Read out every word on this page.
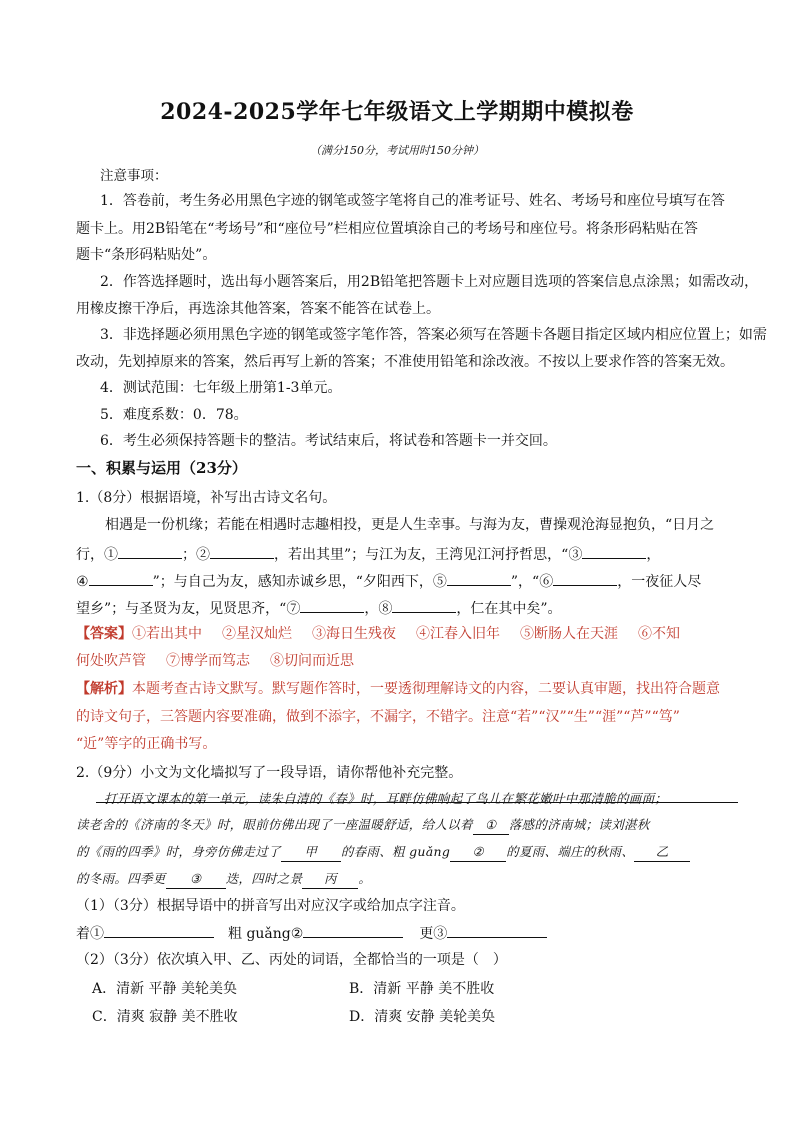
2024-2025学年七年级语文上学期期中模拟卷
（满分150分，考试用时150分钟）
注意事项：
1．答卷前，考生务必用黑色字迹的钢笔或签字笔将自己的准考证号、姓名、考场号和座位号填写在答
题卡上。用2B铅笔在“考场号”和“座位号”栏相应位置填涂自己的考场号和座位号。将条形码粘贴在答
题卡“条形码粘贴处”。
2．作答选择题时，选出每小题答案后，用2B铅笔把答题卡上对应题目选项的答案信息点涂黑；如需改动，
用橡皮擦干净后，再选涂其他答案，答案不能答在试卷上。
3．非选择题必须用黑色字迹的钢笔或签字笔作答，答案必须写在答题卡各题目指定区域内相应位置上；如需
改动，先划掉原来的答案，然后再写上新的答案；不准使用铅笔和涂改液。不按以上要求作答的答案无效。
4．测试范围：七年级上册第1-3单元。
5．难度系数：0．78。
6．考生必须保持答题卡的整洁。考试结束后，将试卷和答题卡一并交回。
一、积累与运用（23分）
1.（8分）根据语境，补写出古诗文名句。
相遇是一份机缘；若能在相遇时志趣相投，更是人生幸事。与海为友，曹操观沧海显抱负，“日月之
行，①	；②	，若出其里”；与江为友，王湾见江河抒哲思，“③	，
④	”；与自己为友，感知赤诚乡思，“夕阳西下，⑤	”，“⑥	，一夜征人尽
望乡”；与圣贤为友，见贤思齐，“⑦	，⑧	，仁在其中矣”。
【答案】①若出其中 ②星汉灿烂 ③海日生残夜 ④江春入旧年 ⑤断肠人在天涯 ⑥不知
何处吹芦管 ⑦博学而笃志 ⑧切问而近思
【解析】本题考查古诗文默写。默写题作答时，一要透彻理解诗文的内容，二要认真审题，找出符合题意
的诗文句子，三答题内容要准确，做到不添字，不漏字，不错字。注意“若”“汉”“生”“涯”“芦”“笃”
“近”等字的正确书写。
2.（9分）小文为文化墙拟写了一段导语，请你帮他补充完整。
打开语文课本的第一单元，读朱自清的《春》时，耳畔仿佛响起了鸟儿在繁花嫩叶中那清脆的画面；
读老舍的《济南的冬天》时，眼前仿佛出现了一座温暖舒适，给人以着 ① 落感的济南城；读刘湛秋
的《雨的四季》时，身旁仿佛走过了 甲 的春雨、粗 guǎng ② 的夏雨、端庄的秋雨、 乙
的冬雨。四季更 ③ 迭，四时之景 丙 。
（1）（3分）根据导语中的拼音写出对应汉字或给加点字注音。
着①	粗 guǎng②	更③
（2）（3分）依次填入甲、乙、丙处的词语，全都恰当的一项是（　）
A．清新 平静 美轮美奂	B．清新 平静 美不胜收
C．清爽 寂静 美不胜收	D．清爽 安静 美轮美奂
